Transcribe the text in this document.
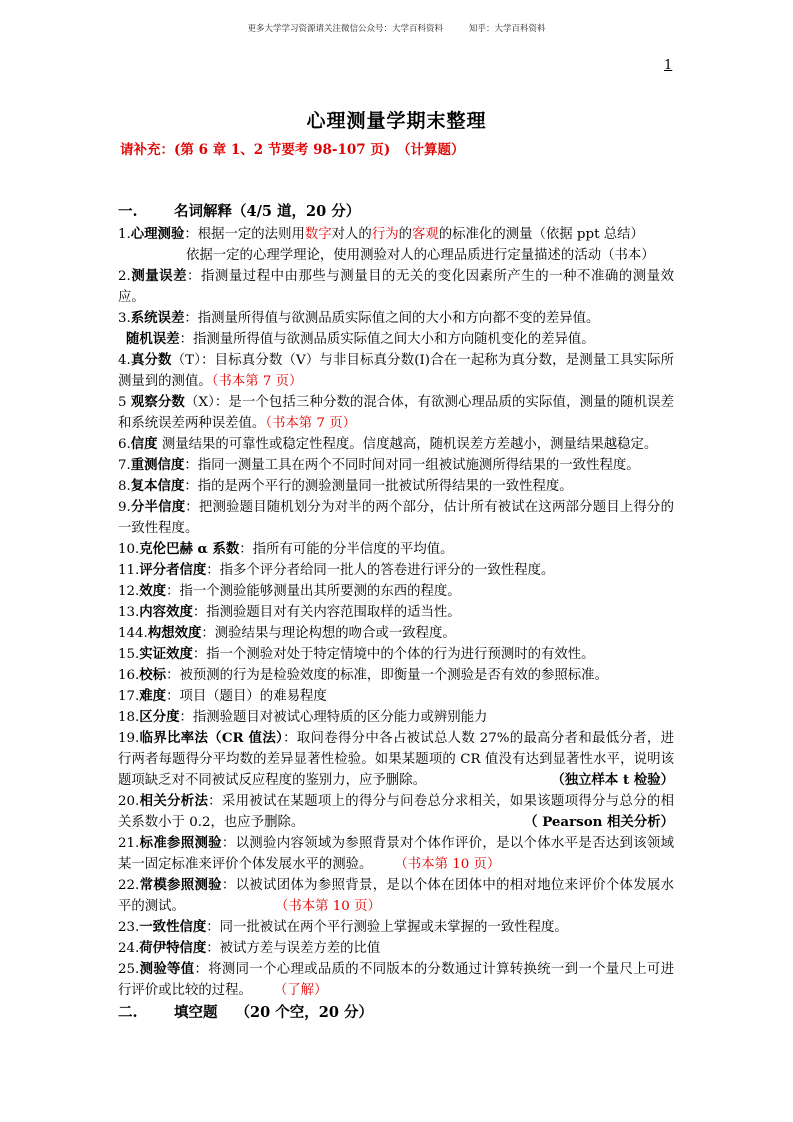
更多大学学习资源请关注微信公众号：大学百科资料	知乎：大学百科资料
1
心理测量学期末整理
请补充：(第 6 章 1、2 节要考 98-107 页)　（计算题）
一.	名词解释（4/5 道，20 分）
1.心理测验：根据一定的法则用数字对人的行为的客观的标准化的测量（依据 ppt 总结）
依据一定的心理学理论，使用测验对人的心理品质进行定量描述的活动（书本）
2.测量误差：指测量过程中由那些与测量目的无关的变化因素所产生的一种不准确的测量效应。
3.系统误差：指测量所得值与欲测品质实际值之间的大小和方向都不变的差异值。
随机误差：指测量所得值与欲测品质实际值之间大小和方向随机变化的差异值。
4.真分数（T）：目标真分数（V）与非目标真分数(I)合在一起称为真分数，是测量工具实际所测量到的测值。（书本第 7 页）
5 观察分数（X）：是一个包括三种分数的混合体，有欲测心理品质的实际值，测量的随机误差和系统误差两种误差值。（书本第 7 页）
6.信度 测量结果的可靠性或稳定性程度。信度越高，随机误差方差越小，测量结果越稳定。
7.重测信度：指同一测量工具在两个不同时间对同一组被试施测所得结果的一致性程度。
8.复本信度：指的是两个平行的测验测量同一批被试所得结果的一致性程度。
9.分半信度：把测验题目随机划分为对半的两个部分，估计所有被试在这两部分题目上得分的一致性程度。
10.克伦巴赫 α 系数：指所有可能的分半信度的平均值。
11.评分者信度：指多个评分者给同一批人的答卷进行评分的一致性程度。
12.效度：指一个测验能够测量出其所要测的东西的程度。
13.内容效度：指测验题目对有关内容范围取样的适当性。
144.构想效度：测验结果与理论构想的吻合或一致程度。
15.实证效度：指一个测验对处于特定情境中的个体的行为进行预测时的有效性。
16.校标：被预测的行为是检验效度的标准，即衡量一个测验是否有效的参照标准。
17.难度：项目（题目）的难易程度
18.区分度：指测验题目对被试心理特质的区分能力或辨别能力
19.临界比率法（CR 值法）：取问卷得分中各占被试总人数 27%的最高分者和最低分者，进行两者每题得分平均数的差异显著性检验。如果某题项的 CR 值没有达到显著性水平，说明该题项缺乏对不同被试反应程度的鉴别力，应予删除。	（独立样本 t 检验）
20.相关分析法：采用被试在某题项上的得分与问卷总分求相关，如果该题项得分与总分的相关系数小于 0.2，也应予删除。	（ Pearson 相关分析）
21.标准参照测验：以测验内容领域为参照背景对个体作评价，是以个体水平是否达到该领域某一固定标准来评价个体发展水平的测验。 （书本第 10 页）
22.常模参照测验：以被试团体为参照背景，是以个体在团体中的相对地位来评价个体发展水平的测试。	（书本第 10 页）
23.一致性信度：同一批被试在两个平行测验上掌握或未掌握的一致性程度。
24.荷伊特信度：被试方差与误差方差的比值
25.测验等值：将测同一个心理或品质的不同版本的分数通过计算转换统一到一个量尺上可进行评价或比较的过程。 （了解）
二.	填空题 （20 个空，20 分）
